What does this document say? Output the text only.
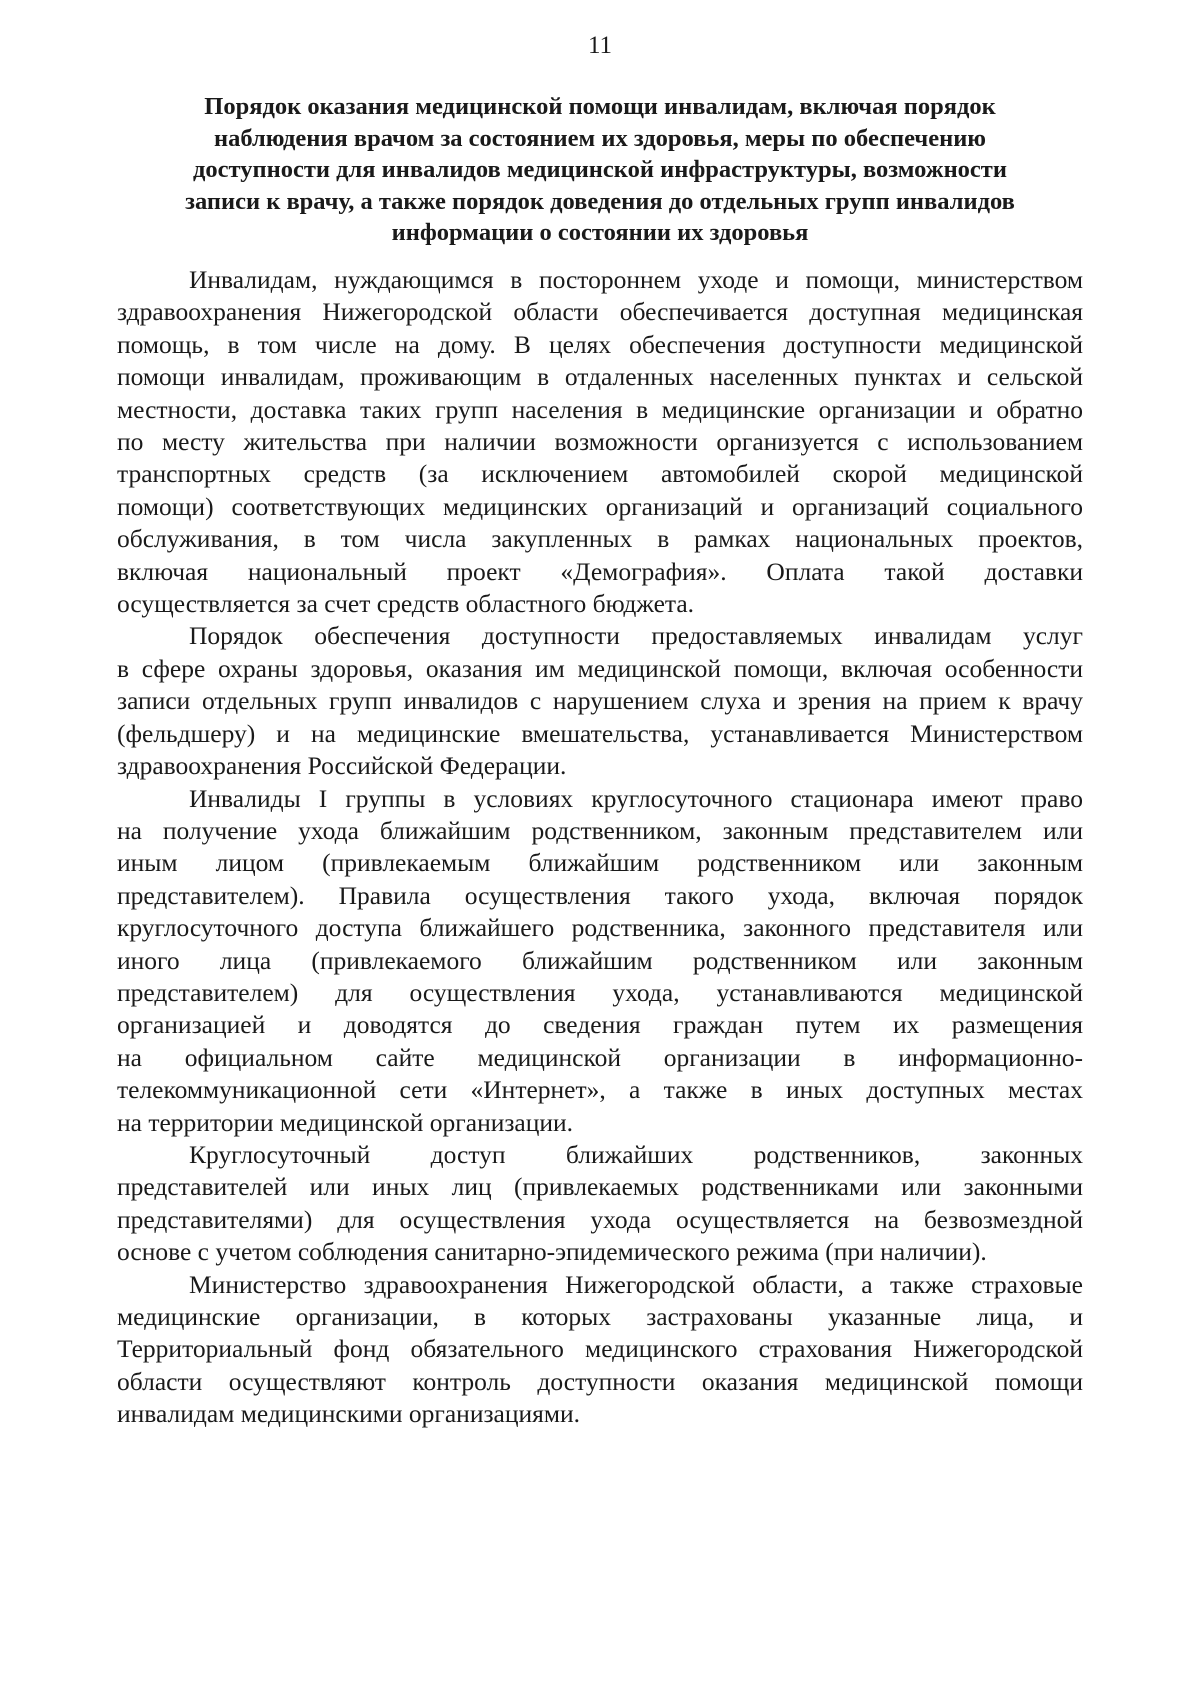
11
Порядок оказания медицинской помощи инвалидам, включая порядок
наблюдения врачом за состоянием их здоровья, меры по обеспечению
доступности для инвалидов медицинской инфраструктуры, возможности
записи к врачу, а также порядок доведения до отдельных групп инвалидов
информации о состоянии их здоровья
Инвалидам, нуждающимся в постороннем уходе и помощи, министерством
здравоохранения Нижегородской области обеспечивается доступная медицинская
помощь, в том числе на дому. В целях обеспечения доступности медицинской
помощи инвалидам, проживающим в отдаленных населенных пунктах и сельской
местности, доставка таких групп населения в медицинские организации и обратно
по месту жительства при наличии возможности организуется с использованием
транспортных средств (за исключением автомобилей скорой медицинской
помощи) соответствующих медицинских организаций и организаций социального
обслуживания, в том числа закупленных в рамках национальных проектов,
включая национальный проект «Демография». Оплата такой доставки
осуществляется за счет средств областного бюджета.
Порядок обеспечения доступности предоставляемых инвалидам услуг
в сфере охраны здоровья, оказания им медицинской помощи, включая особенности
записи отдельных групп инвалидов с нарушением слуха и зрения на прием к врачу
(фельдшеру) и на медицинские вмешательства, устанавливается Министерством
здравоохранения Российской Федерации.
Инвалиды I группы в условиях круглосуточного стационара имеют право
на получение ухода ближайшим родственником, законным представителем или
иным лицом (привлекаемым ближайшим родственником или законным
представителем). Правила осуществления такого ухода, включая порядок
круглосуточного доступа ближайшего родственника, законного представителя или
иного лица (привлекаемого ближайшим родственником или законным
представителем) для осуществления ухода, устанавливаются медицинской
организацией и доводятся до сведения граждан путем их размещения
на официальном сайте медицинской организации в информационно-
телекоммуникационной сети «Интернет», а также в иных доступных местах
на территории медицинской организации.
Круглосуточный доступ ближайших родственников, законных
представителей или иных лиц (привлекаемых родственниками или законными
представителями) для осуществления ухода осуществляется на безвозмездной
основе с учетом соблюдения санитарно-эпидемического режима (при наличии).
Министерство здравоохранения Нижегородской области, а также страховые
медицинские организации, в которых застрахованы указанные лица, и
Территориальный фонд обязательного медицинского страхования Нижегородской
области осуществляют контроль доступности оказания медицинской помощи
инвалидам медицинскими организациями.
